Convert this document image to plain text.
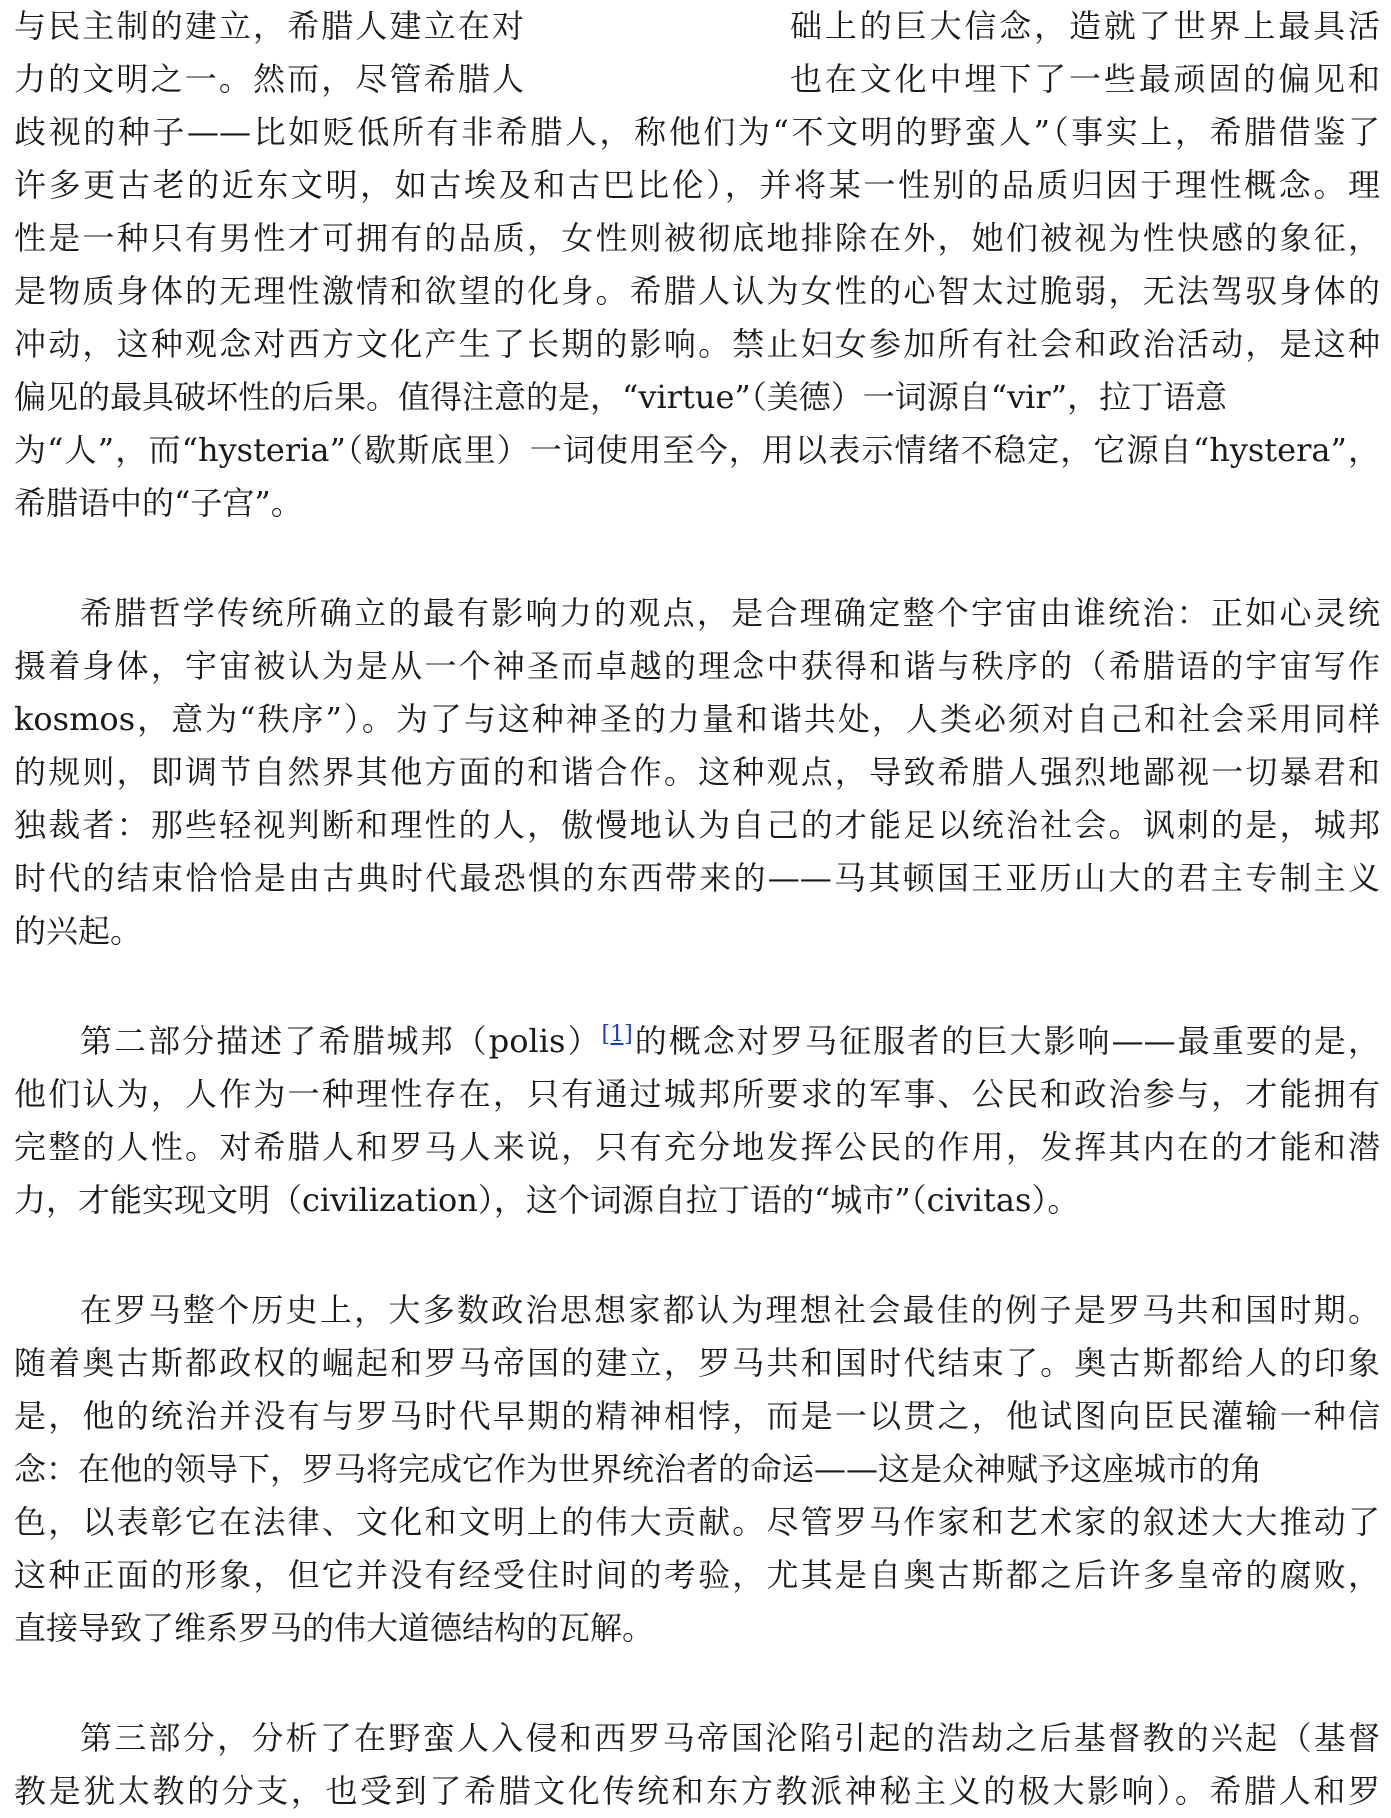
与民主制的建立，希腊人建立在对	础上的巨大信念，造就了世界上最具活
力的文明之一。然而，尽管希腊人	也在文化中埋下了一些最顽固的偏见和
歧视的种子——比如贬低所有非希腊人，称他们为“不文明的野蛮人”（事实上，希腊借鉴了
许多更古老的近东文明，如古埃及和古巴比伦），并将某一性别的品质归因于理性概念。理
性是一种只有男性才可拥有的品质，女性则被彻底地排除在外，她们被视为性快感的象征，
是物质身体的无理性激情和欲望的化身。希腊人认为女性的心智太过脆弱，无法驾驭身体的
冲动，这种观念对西方文化产生了长期的影响。禁止妇女参加所有社会和政治活动，是这种
偏见的最具破坏性的后果。值得注意的是，“virtue”（美德）一词源自“vir”，拉丁语意
为“人”，而“hysteria”（歇斯底里）一词使用至今，用以表示情绪不稳定，它源自“hystera”，
希腊语中的“子宫”。
希腊哲学传统所确立的最有影响力的观点，是合理确定整个宇宙由谁统治：正如心灵统
摄着身体，宇宙被认为是从一个神圣而卓越的理念中获得和谐与秩序的（希腊语的宇宙写作
kosmos，意为“秩序”）。为了与这种神圣的力量和谐共处，人类必须对自己和社会采用同样
的规则，即调节自然界其他方面的和谐合作。这种观点，导致希腊人强烈地鄙视一切暴君和
独裁者：那些轻视判断和理性的人，傲慢地认为自己的才能足以统治社会。讽刺的是，城邦
时代的结束恰恰是由古典时代最恐惧的东西带来的——马其顿国王亚历山大的君主专制主义
的兴起。
第二部分描述了希腊城邦（polis）[1]的概念对罗马征服者的巨大影响——最重要的是，
他们认为，人作为一种理性存在，只有通过城邦所要求的军事、公民和政治参与，才能拥有
完整的人性。对希腊人和罗马人来说，只有充分地发挥公民的作用，发挥其内在的才能和潜
力，才能实现文明（civilization），这个词源自拉丁语的“城市”（civitas）。
在罗马整个历史上，大多数政治思想家都认为理想社会最佳的例子是罗马共和国时期。
随着奥古斯都政权的崛起和罗马帝国的建立，罗马共和国时代结束了。奥古斯都给人的印象
是，他的统治并没有与罗马时代早期的精神相悖，而是一以贯之，他试图向臣民灌输一种信
念：在他的领导下，罗马将完成它作为世界统治者的命运——这是众神赋予这座城市的角
色，以表彰它在法律、文化和文明上的伟大贡献。尽管罗马作家和艺术家的叙述大大推动了
这种正面的形象，但它并没有经受住时间的考验，尤其是自奥古斯都之后许多皇帝的腐败，
直接导致了维系罗马的伟大道德结构的瓦解。
第三部分，分析了在野蛮人入侵和西罗马帝国沦陷引起的浩劫之后基督教的兴起（基督
教是犹太教的分支，也受到了希腊文化传统和东方教派神秘主义的极大影响）。希腊人和罗
